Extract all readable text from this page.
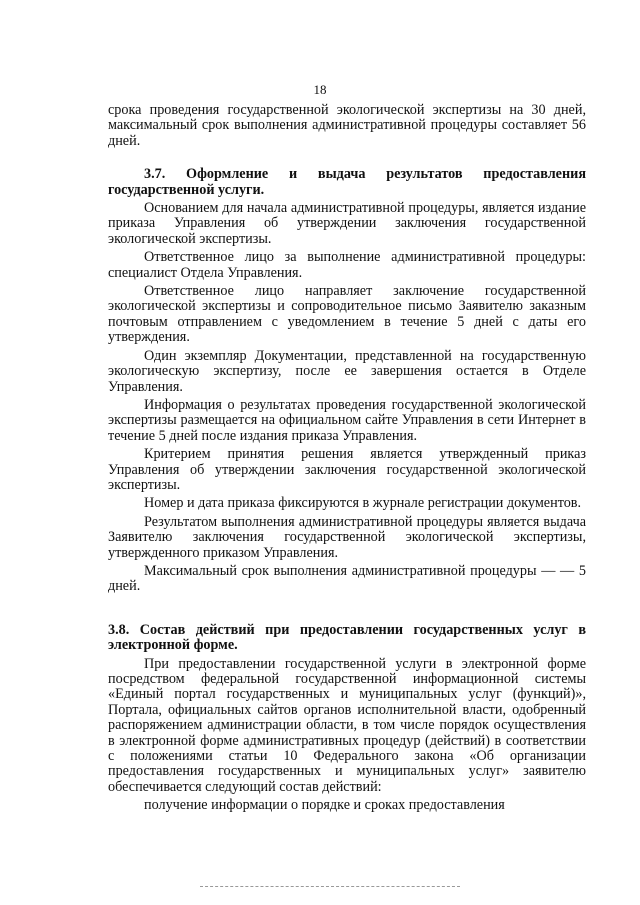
18

срока проведения государственной экологической экспертизы на 30 дней, максимальный срок выполнения административной процедуры составляет 56 дней.

3.7. Оформление и выдача результатов предоставления государственной услуги.

Основанием для начала административной процедуры, является издание приказа Управления об утверждении заключения государственной экологической экспертизы.

Ответственное лицо за выполнение административной процедуры: специалист Отдела Управления.

Ответственное лицо направляет заключение государственной экологической экспертизы и сопроводительное письмо Заявителю заказным почтовым отправлением с уведомлением в течение 5 дней с даты его утверждения.

Один экземпляр Документации, представленной на государственную экологическую экспертизу, после ее завершения остается в Отделе Управления.

Информация о результатах проведения государственной экологической экспертизы размещается на официальном сайте Управления в сети Интернет в течение 5 дней после издания приказа Управления.

Критерием принятия решения является утвержденный приказ Управления об утверждении заключения государственной экологической экспертизы.

Номер и дата приказа фиксируются в журнале регистрации документов.

Результатом выполнения административной процедуры является выдача Заявителю заключения государственной экологической экспертизы, утвержденного приказом Управления.

Максимальный срок выполнения административной процедуры — — 5 дней.

3.8. Состав действий при предоставлении государственных услуг в электронной форме.

При предоставлении государственной услуги в электронной форме посредством федеральной государственной информационной системы «Единый портал государственных и муниципальных услуг (функций)», Портала, официальных сайтов органов исполнительной власти, одобренный распоряжением администрации области, в том числе порядок осуществления в электронной форме административных процедур (действий) в соответствии с положениями статьи 10 Федерального закона «Об организации предоставления государственных и муниципальных услуг» заявителю обеспечивается следующий состав действий:

получение информации о порядке и сроках предоставления
